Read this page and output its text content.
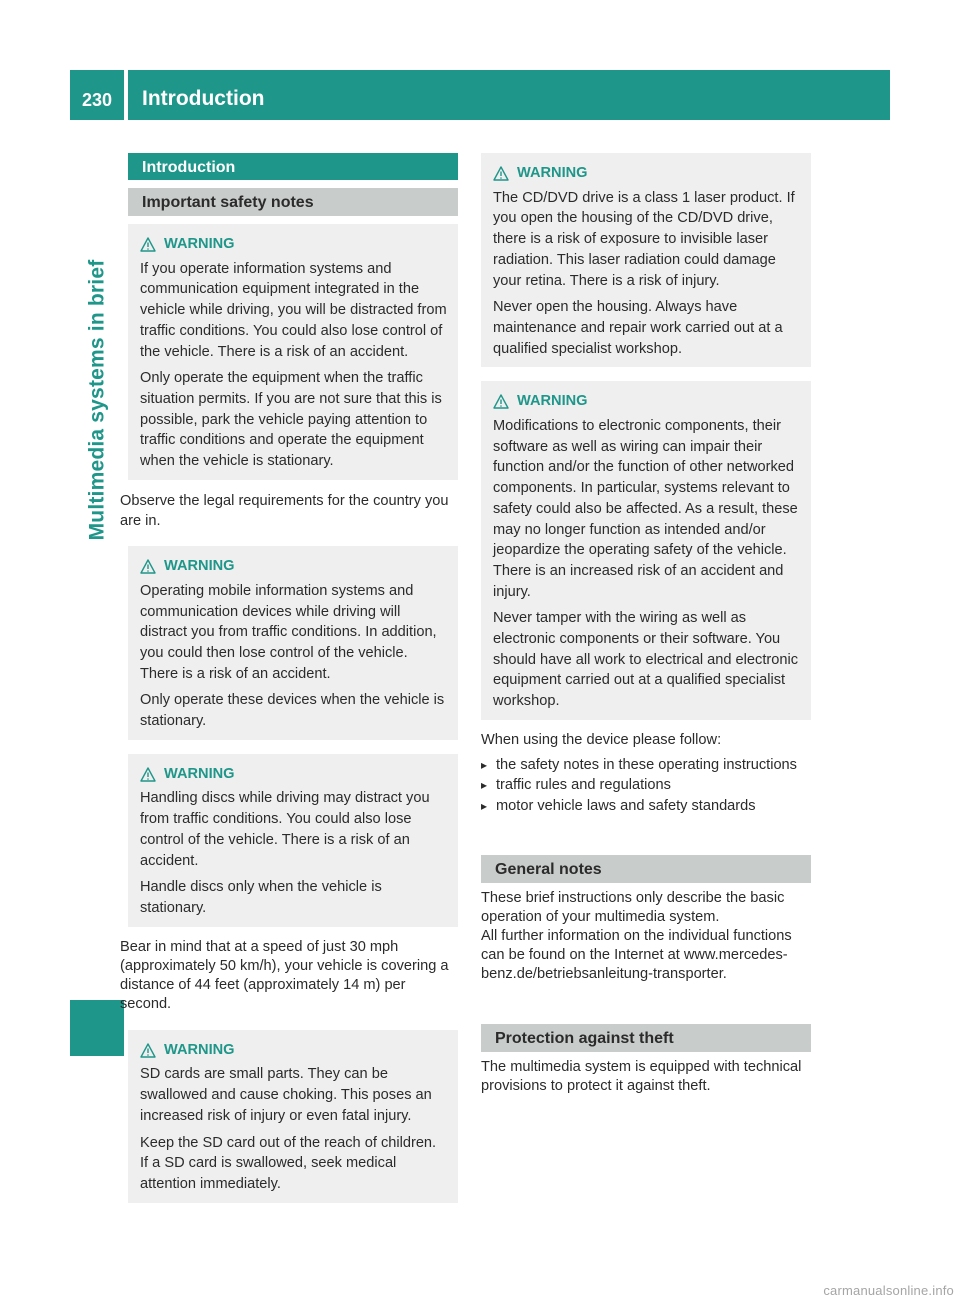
230	Introduction
Multimedia systems in brief
Introduction
Important safety notes
WARNING

If you operate information systems and communication equipment integrated in the vehicle while driving, you will be distracted from traffic conditions. You could also lose control of the vehicle. There is a risk of an accident.

Only operate the equipment when the traffic situation permits. If you are not sure that this is possible, park the vehicle paying attention to traffic conditions and operate the equipment when the vehicle is stationary.

Observe the legal requirements for the country you are in.

WARNING

Operating mobile information systems and communication devices while driving will distract you from traffic conditions. In addition, you could then lose control of the vehicle. There is a risk of an accident.

Only operate these devices when the vehicle is stationary.

WARNING

Handling discs while driving may distract you from traffic conditions. You could also lose control of the vehicle. There is a risk of an accident.

Handle discs only when the vehicle is stationary.

Bear in mind that at a speed of just 30 mph (approximately 50 km/h), your vehicle is covering a distance of 44 feet (approximately 14 m) per second.

WARNING

SD cards are small parts. They can be swallowed and cause choking. This poses an increased risk of injury or even fatal injury.

Keep the SD card out of the reach of children. If a SD card is swallowed, seek medical attention immediately.

WARNING

The CD/DVD drive is a class 1 laser product. If you open the housing of the CD/DVD drive, there is a risk of exposure to invisible laser radiation. This laser radiation could damage your retina. There is a risk of injury.

Never open the housing. Always have maintenance and repair work carried out at a qualified specialist workshop.

WARNING

Modifications to electronic components, their software as well as wiring can impair their function and/or the function of other networked components. In particular, systems relevant to safety could also be affected. As a result, these may no longer function as intended and/or jeopardize the operating safety of the vehicle. There is an increased risk of an accident and injury.

Never tamper with the wiring as well as electronic components or their software. You should have all work to electrical and electronic equipment carried out at a qualified specialist workshop.

When using the device please follow:

▸ the safety notes in these operating instructions
▸ traffic rules and regulations
▸ motor vehicle laws and safety standards
General notes

These brief instructions only describe the basic operation of your multimedia system.

All further information on the individual functions can be found on the Internet at www.mercedes-benz.de/betriebsanleitung-transporter.

Protection against theft

The multimedia system is equipped with technical provisions to protect it against theft.

carmanualsonline.info
